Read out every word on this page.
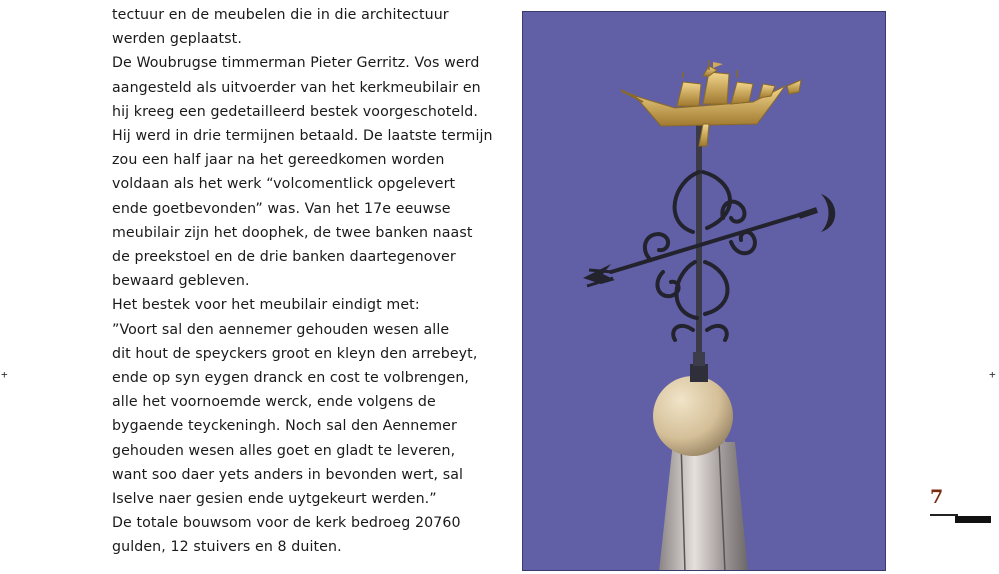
+	+
tectuur en de meubelen die in die architectuur
werden geplaatst.
De Woubrugse timmerman Pieter Gerritz. Vos werd
aangesteld als uitvoerder van het kerkmeubilair en
hij kreeg een gedetailleerd bestek voorgeschoteld.
Hij werd in drie termijnen betaald. De laatste termijn
zou een half jaar na het gereedkomen worden
voldaan als het werk “volcomentlick opgelevert
ende goetbevonden” was. Van het 17e eeuwse
meubilair zijn het doophek, de twee banken naast
de preekstoel en de drie banken daartegenover
bewaard gebleven.
Het bestek voor het meubilair eindigt met:
”Voort sal den aennemer gehouden wesen alle
dit hout de speyckers groot en kleyn den arrebeyt,
ende op syn eygen dranck en cost te volbrengen,
alle het voornoemde werck, ende volgens de
bygaende teyckeningh. Noch sal den Aennemer
gehouden wesen alles goet en gladt te leveren,
want soo daer yets anders in bevonden wert, sal
Iselve naer gesien ende uytgekeurt werden.”
De totale bouwsom voor de kerk bedroeg 20760
gulden, 12 stuivers en 8 duiten.
7
